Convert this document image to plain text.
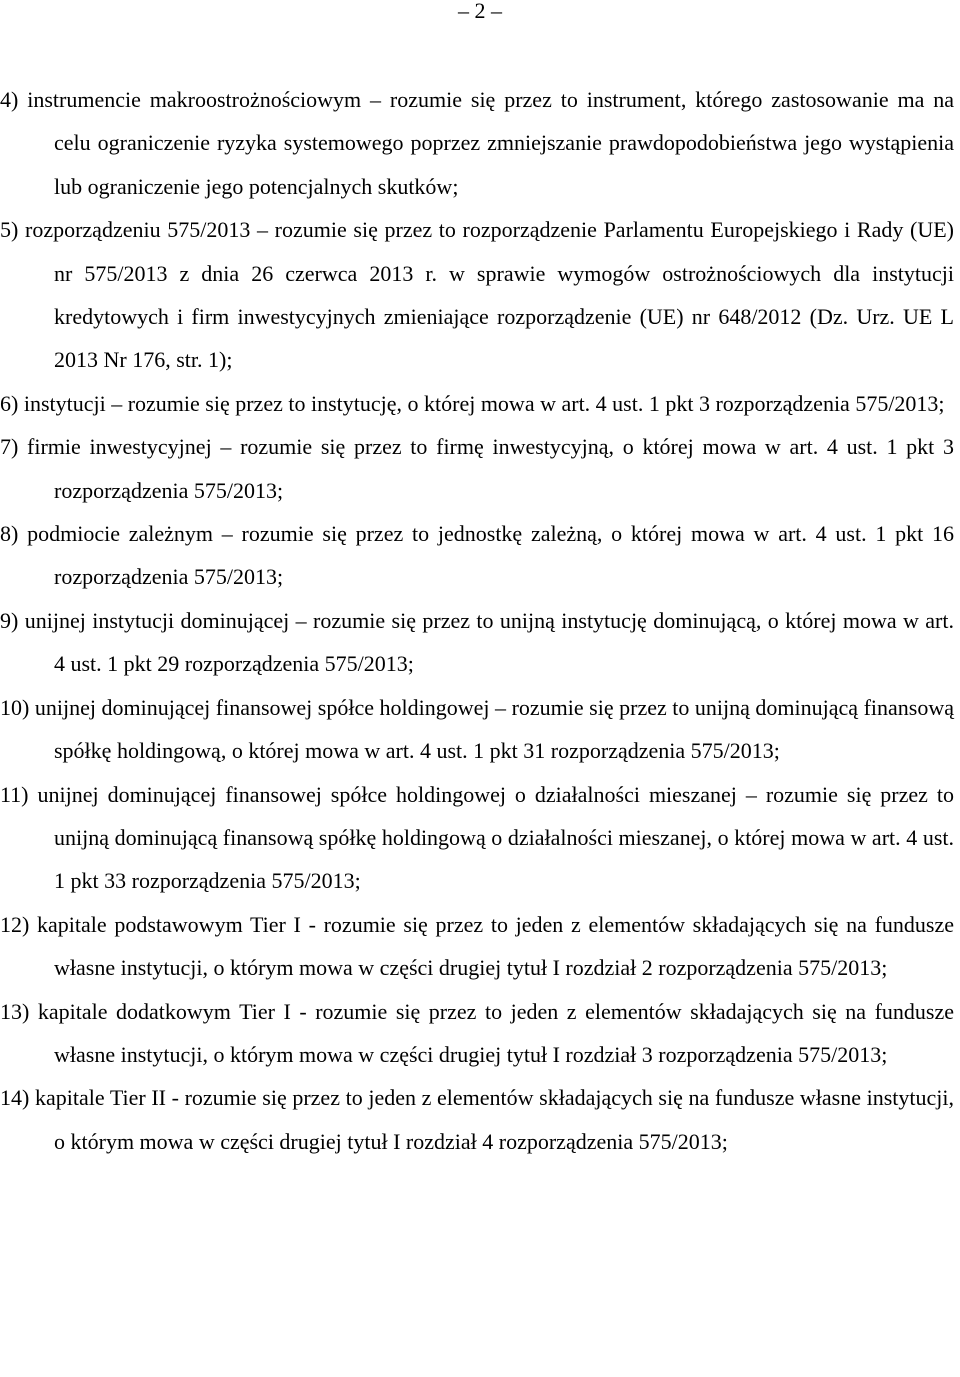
– 2 –

4) instrumencie makroostrożnościowym – rozumie się przez to instrument, którego zastosowanie ma na celu ograniczenie ryzyka systemowego poprzez zmniejszanie prawdopodobieństwa jego wystąpienia lub ograniczenie jego potencjalnych skutków;

5) rozporządzeniu 575/2013 – rozumie się przez to rozporządzenie Parlamentu Europejskiego i Rady (UE) nr 575/2013 z dnia 26 czerwca 2013 r. w sprawie wymogów ostrożnościowych dla instytucji kredytowych i firm inwestycyjnych zmieniające rozporządzenie (UE) nr 648/2012 (Dz. Urz. UE L 2013 Nr 176, str. 1);

6) instytucji – rozumie się przez to instytucję, o której mowa w art. 4 ust. 1 pkt 3 rozporządzenia 575/2013;

7) firmie inwestycyjnej – rozumie się przez to firmę inwestycyjną, o której mowa w art. 4 ust. 1 pkt 3 rozporządzenia 575/2013;

8) podmiocie zależnym – rozumie się przez to jednostkę zależną, o której mowa w art. 4 ust. 1 pkt 16 rozporządzenia 575/2013;

9) unijnej instytucji dominującej – rozumie się przez to unijną instytucję dominującą, o której mowa w art. 4 ust. 1 pkt 29 rozporządzenia 575/2013;

10) unijnej dominującej finansowej spółce holdingowej – rozumie się przez to unijną dominującą finansową spółkę holdingową, o której mowa w art. 4 ust. 1 pkt 31 rozporządzenia 575/2013;

11) unijnej dominującej finansowej spółce holdingowej o działalności mieszanej – rozumie się przez to unijną dominującą finansową spółkę holdingową o działalności mieszanej, o której mowa w art. 4 ust. 1 pkt 33 rozporządzenia 575/2013;

12) kapitale podstawowym Tier I - rozumie się przez to jeden z elementów składających się na fundusze własne instytucji, o którym mowa w części drugiej tytuł I rozdział 2 rozporządzenia 575/2013;

13) kapitale dodatkowym Tier I - rozumie się przez to jeden z elementów składających się na fundusze własne instytucji, o którym mowa w części drugiej tytuł I rozdział 3 rozporządzenia 575/2013;

14) kapitale Tier II - rozumie się przez to jeden z elementów składających się na fundusze własne instytucji, o którym mowa w części drugiej tytuł I rozdział 4 rozporządzenia 575/2013;
